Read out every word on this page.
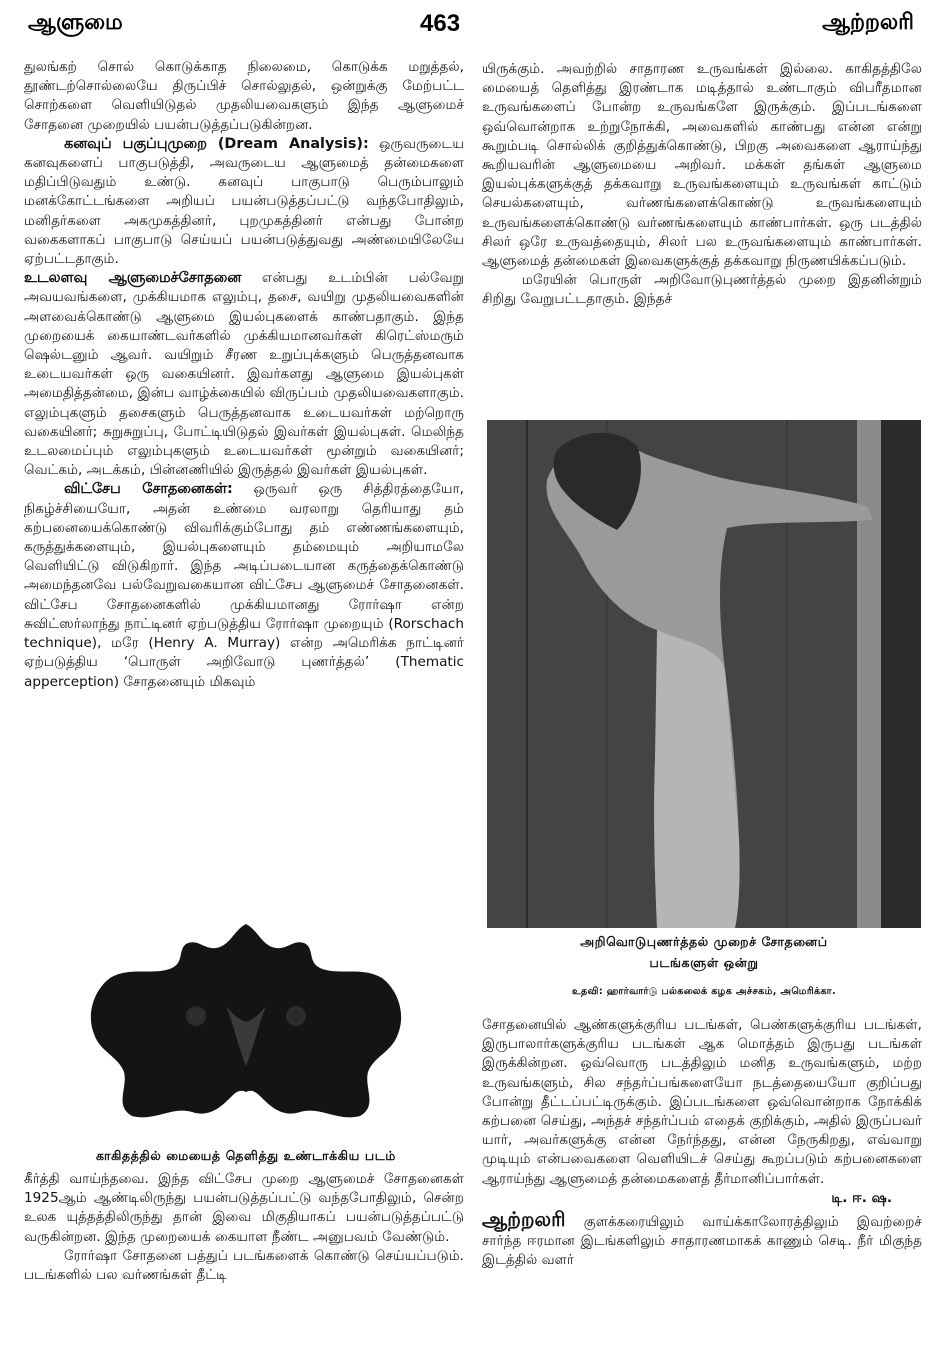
ஆளுமை	463	ஆற்றலரி

துலங்கற் சொல் கொடுக்காத நிலைமை, கொடுக்க மறுத்தல், தூண்டற்சொல்லையே திருப்பிச் சொல்லுதல், ஒன்றுக்கு மேற்பட்ட சொற்களை வெளியிடுதல் முதலியவைகளும் இந்த ஆளுமைச் சோதனை முறையில் பயன்படுத்தப்படுகின்றன.

கனவுப் பகுப்புமுறை (Dream Analysis): ஒருவருடைய கனவுகளைப் பாகுபடுத்தி, அவருடைய ஆளுமைத் தன்மைகளை மதிப்பிடுவதும் உண்டு. கனவுப் பாகுபாடு பெரும்பாலும் மனக்கோட்டங்களை அறியப் பயன்படுத்தப்பட்டு வந்தபோதிலும், மனிதர்களை அகமுகத்தினர், புறமுகத்தினர் என்பது போன்ற வகைகளாகப் பாகுபாடு செய்யப் பயன்படுத்துவது அண்மையிலேயே ஏற்பட்டதாகும்.

உடலளவு ஆளுமைச்சோதனை என்பது உடம்பின் பல்வேறு அவயவங்களை, முக்கியமாக எலும்பு, தசை, வயிறு முதலியவைகளின் அளவைக்கொண்டு ஆளுமை இயல்புகளைக் காண்பதாகும். இந்த முறையைக் கையாண்டவர்களில் முக்கியமானவர்கள் கிரெட்ஸ்மரும் ஷெல்டனும் ஆவர். வயிறும் சீரண உறுப்புக்களும் பெருத்தனவாக உடையவர்கள் ஒரு வகையினர். இவர்களது ஆளுமை இயல்புகள் அமைதித்தன்மை, இன்ப வாழ்க்கையில் விருப்பம் முதலியவைகளாகும். எலும்புகளும் தசைகளும் பெருத்தனவாக உடையவர்கள் மற்றொரு வகையினர்; சுறுசுறுப்பு, போட்டியிடுதல் இவர்கள் இயல்புகள். மெலிந்த உடலமைப்பும் எலும்புகளும் உடையவர்கள் மூன்றும் வகையினர்; வெட்கம், அடக்கம், பின்னணியில் இருத்தல் இவர்கள் இயல்புகள்.

விட்சேப சோதனைகள்: ஒருவர் ஒரு சித்திரத்தையோ, நிகழ்ச்சியையோ, அதன் உண்மை வரலாறு தெரியாது தம் கற்பனையைக்கொண்டு விவரிக்கும்போது தம் எண்ணங்களையும், கருத்துக்களையும், இயல்புகளையும் தம்மையும் அறியாமலே வெளியிட்டு விடுகிறார். இந்த அடிப்படையான கருத்தைக்கொண்டு அமைந்தனவே பல்வேறுவகையான விட்சேப ஆளுமைச் சோதனைகள். விட்சேப சோதனைகளில் முக்கியமானது ரோர்ஷா என்ற சுவிட்ஸர்லாந்து நாட்டினர் ஏற்படுத்திய ரோர்ஷா முறையும் (Rorschach technique), மரே (Henry A. Murray) என்ற அமெரிக்க நாட்டினர் ஏற்படுத்திய ‘பொருள் அறிவோடு புணர்த்தல்’ (Thematic apperception) சோதனையும் மிகவும்

காகிதத்தில் மையைத் தெளித்து உண்டாக்கிய படம்

கீர்த்தி வாய்ந்தவை. இந்த விட்சேப முறை ஆளுமைச் சோதனைகள் 1925ஆம் ஆண்டிலிருந்து பயன்படுத்தப்பட்டு வந்தபோதிலும், சென்ற உலக யுத்தத்திலிருந்து தான் இவை மிகுதியாகப் பயன்படுத்தப்பட்டு வருகின்றன. இந்த முறையைக் கையாள நீண்ட அனுபவம் வேண்டும்.

ரோர்ஷா சோதனை பத்துப் படங்களைக் கொண்டு செய்யப்படும். படங்களில் பல வர்ணங்கள் தீட்டி

யிருக்கும். அவற்றில் சாதாரண உருவங்கள் இல்லை. காகிதத்திலே மையைத் தெளித்து இரண்டாக மடித்தால் உண்டாகும் விபரீதமான உருவங்களைப் போன்ற உருவங்களே இருக்கும். இப்படங்களை ஒவ்வொன்றாக உற்றுநோக்கி, அவைகளில் காண்பது என்ன என்று கூறும்படி சொல்லிக் குறித்துக்கொண்டு, பிறகு அவைகளை ஆராய்ந்து கூறியவரின் ஆளுமையை அறிவர். மக்கள் தங்கள் ஆளுமை இயல்புக்களுக்குத் தக்கவாறு உருவங்களையும் உருவங்கள் காட்டும் செயல்களையும், வர்ணங்களைக்கொண்டு உருவங்களையும் உருவங்களைக்கொண்டு வர்ணங்களையும் காண்பார்கள். ஒரு படத்தில் சிலர் ஒரே உருவத்தையும், சிலர் பல உருவங்களையும் காண்பார்கள். ஆளுமைத் தன்மைகள் இவைகளுக்குத் தக்கவாறு நிருணயிக்கப்படும்.

மரேயின் பொருள் அறிவோடுபுணர்த்தல் முறை இதனின்றும் சிறிது வேறுபட்டதாகும். இந்தச்

அறிவொடுபுணர்த்தல் முறைச் சோதனைப்
படங்களுள் ஒன்று
உதவி: ஹார்வார்டு பல்கலைக் கழக அச்சகம், அமெரிக்கா.

சோதனையில் ஆண்களுக்குரிய படங்கள், பெண்களுக்குரிய படங்கள், இருபாலார்களுக்குரிய படங்கள் ஆக மொத்தம் இருபது படங்கள் இருக்கின்றன. ஒவ்வொரு படத்திலும் மனித உருவங்களும், மற்ற உருவங்களும், சில சந்தர்ப்பங்களையோ நடத்தையையோ குறிப்பது போன்று தீட்டப்பட்டிருக்கும். இப்படங்களை ஒவ்வொன்றாக நோக்கிக் கற்பனை செய்து, அந்தச் சந்தர்ப்பம் எதைக் குறிக்கும், அதில் இருப்பவர் யார், அவர்களுக்கு என்ன நேர்ந்தது, என்ன நேருகிறது, எவ்வாறு முடியும் என்பவைகளை வெளியிடச் செய்து கூறப்படும் கற்பனைகளை ஆராய்ந்து ஆளுமைத் தன்மைகளைத் தீர்மானிப்பார்கள்.

டி. ஈ. ஷ.

ஆற்றலரி குளக்கரையிலும் வாய்க்காலோரத்திலும் இவற்றைச் சார்ந்த ஈரமான இடங்களிலும் சாதாரணமாகக் காணும் செடி. நீர் மிகுந்த இடத்தில் வளர்
